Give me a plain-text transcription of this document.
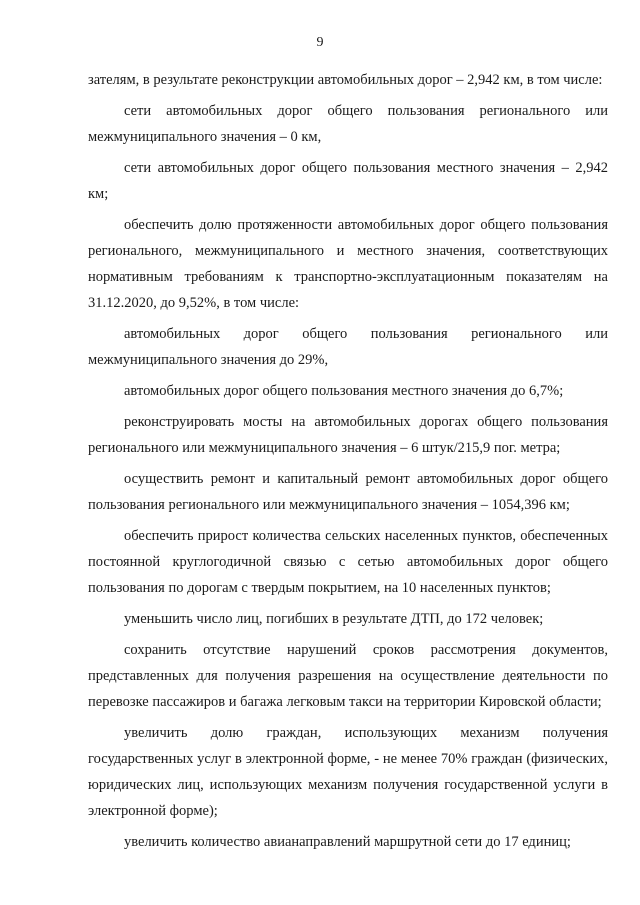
9

зателям, в результате реконструкции автомобильных дорог – 2,942 км, в том числе:

сети автомобильных дорог общего пользования регионального или межмуниципального значения – 0 км,

сети автомобильных дорог общего пользования местного значения – 2,942 км;

обеспечить долю протяженности автомобильных дорог общего пользования регионального, межмуниципального и местного значения, соответствующих нормативным требованиям к транспортно-эксплуатационным показателям на 31.12.2020, до 9,52%, в том числе:

автомобильных дорог общего пользования регионального или межмуниципального значения до 29%,

автомобильных дорог общего пользования местного значения до 6,7%;

реконструировать мосты на автомобильных дорогах общего пользования регионального или межмуниципального значения – 6 штук/215,9 пог. метра;

осуществить ремонт и капитальный ремонт автомобильных дорог общего пользования регионального или межмуниципального значения – 1054,396 км;

обеспечить прирост количества сельских населенных пунктов, обеспеченных постоянной круглогодичной связью с сетью автомобильных дорог общего пользования по дорогам с твердым покрытием, на 10 населенных пунктов;

уменьшить число лиц, погибших в результате ДТП, до 172 человек;

сохранить отсутствие нарушений сроков рассмотрения документов, представленных для получения разрешения на осуществление деятельности по перевозке пассажиров и багажа легковым такси на территории Кировской области;

увеличить долю граждан, использующих механизм получения государственных услуг в электронной форме, - не менее 70% граждан (физических, юридических лиц, использующих механизм получения государственной услуги в электронной форме);

увеличить количество авианаправлений маршрутной сети до 17 единиц;
